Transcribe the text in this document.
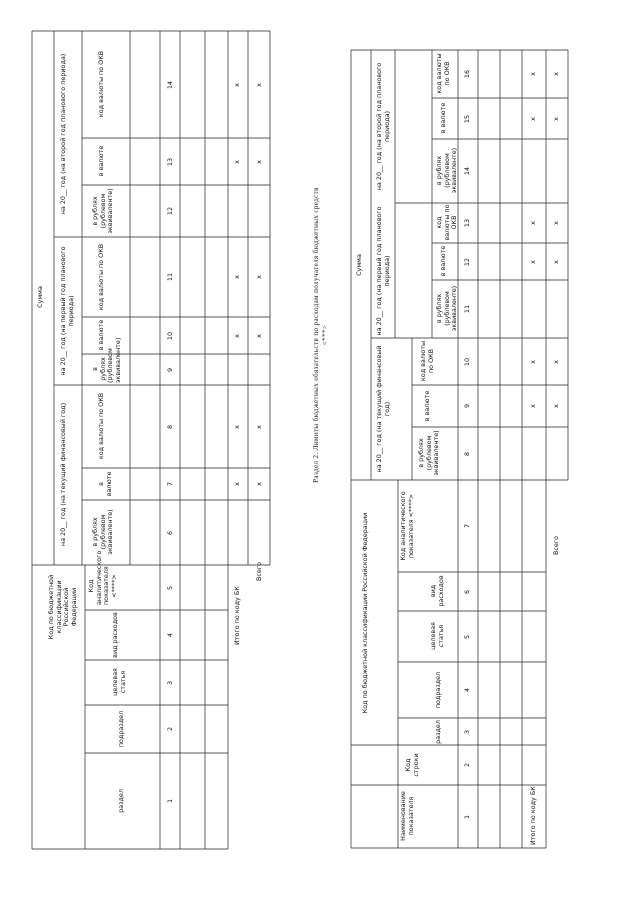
Сумма
Код по бюджетной классификации Российской Федерации
Код аналитического показателя <****>
на 20__ год (на текущий финансовый год)
на 20__ год (на первый год планового периода)
на 20__ год (на второй год планового периода)
раздел
подраздел
целевая статья
вид расходов
в рублях (рублевом эквиваленте)
в валюте
код валюты по ОКВ
в рублях (рублевом эквиваленте)
в валюте
код валюты по ОКВ
в рублях (рублевом эквиваленте)
в валюте
код валюты по ОКВ
1
2
3
4
5
6
7
8
9
10
11
12
13
14
Итого по коду БК
Всего
x
x
x
x
x
x
x
x
x
x
x
x
Раздел 2. Лимиты бюджетных обязательств по расходам получателя бюджетных средств <***>
Сумма
Код по бюджетной классификации Российской Федерации
Наименование показателя
Код строки
Код аналитического показателя <****>
раздел
подраздел
целевая статья
вид расходов
на 20__ год (на текущий финансовый год)
на 20__ год (на первый год планового периода)
на 20__ год (на второй год планового периода)
в рублях (рублевом эквиваленте)
в валюте
код валюты по ОКВ
в рублях (рублевом эквиваленте)
в валюте
код валюты по ОКВ
в рублях (рублевом эквиваленте)
в валюте
код валюты по ОКВ
1
2
3
4
5
6
7
8
9
10
11
12
13
14
15
16
Итого по коду БК
Всего
x
x
x
x
x
x
x
x
x
x
x
x
